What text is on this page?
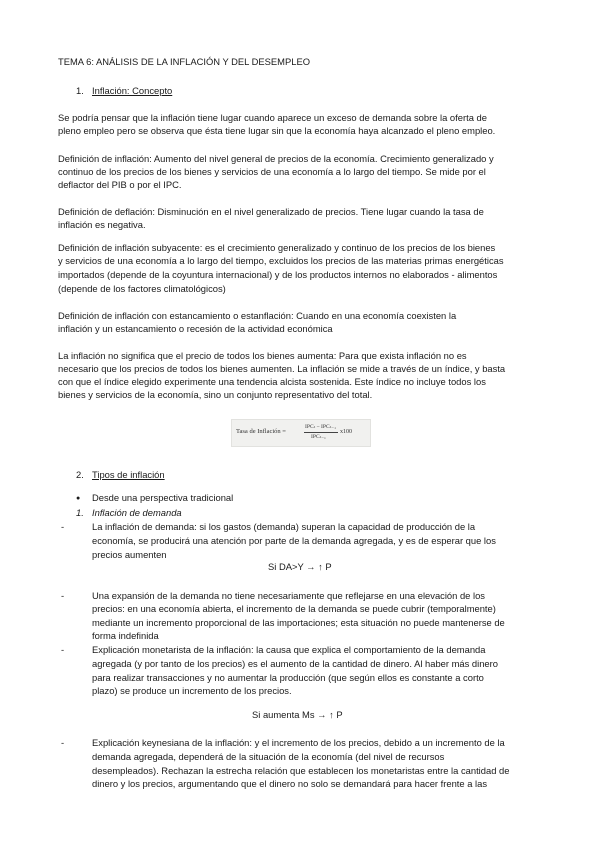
TEMA 6: ANÁLISIS DE LA INFLACIÓN Y DEL DESEMPLEO
1. Inflación: Concepto
Se podría pensar que la inflación tiene lugar cuando aparece un exceso de demanda sobre la oferta de
pleno empleo pero se observa que ésta tiene lugar sin que la economía haya alcanzado el pleno empleo.
Definición de inflación: Aumento del nivel general de precios de la economía. Crecimiento generalizado y
continuo de los precios de los bienes y servicios de una economía a lo largo del tiempo. Se mide por el
deflactor del PIB o por el IPC.
Definición de deflación: Disminución en el nivel generalizado de precios. Tiene lugar cuando la tasa de
inflación es negativa.
Definición de inflación subyacente: es el crecimiento generalizado y continuo de los precios de los bienes
y servicios de una economía a lo largo del tiempo, excluidos los precios de las materias primas energéticas
importados (depende de la coyuntura internacional) y de los productos internos no elaborados - alimentos
(depende de los factores climatológicos)
Definición de inflación con estancamiento o estanflación: Cuando en una economía coexisten la
inflación y un estancamiento o recesión de la actividad económica
La inflación no significa que el precio de todos los bienes aumenta: Para que exista inflación no es
necesario que los precios de todos los bienes aumenten. La inflación se mide a través de un índice, y basta
con que el índice elegido experimente una tendencia alcista sostenida. Este índice no incluye todos los
bienes y servicios de la economía, sino un conjunto representativo del total.
Tasa de Inflación =
IPCₜ − IPCₜ₋₁
IPCₜ₋₁
x100
2. Tipos de inflación
● Desde una perspectiva tradicional
1. Inflación de demanda
-	La inflación de demanda: si los gastos (demanda) superan la capacidad de producción de la
economía, se producirá una atención por parte de la demanda agregada, y es de esperar que los
precios aumenten
Si DA>Y → ↑ P
-	Una expansión de la demanda no tiene necesariamente que reflejarse en una elevación de los
precios: en una economía abierta, el incremento de la demanda se puede cubrir (temporalmente)
mediante un incremento proporcional de las importaciones; esta situación no puede mantenerse de
forma indefinida
-	Explicación monetarista de la inflación: la causa que explica el comportamiento de la demanda
agregada (y por tanto de los precios) es el aumento de la cantidad de dinero. Al haber más dinero
para realizar transacciones y no aumentar la producción (que según ellos es constante a corto
plazo) se produce un incremento de los precios.
Si aumenta Ms → ↑ P
-	Explicación keynesiana de la inflación: y el incremento de los precios, debido a un incremento de la
demanda agregada, dependerá de la situación de la economía (del nivel de recursos
desempleados). Rechazan la estrecha relación que establecen los monetaristas entre la cantidad de
dinero y los precios, argumentando que el dinero no solo se demandará para hacer frente a las
